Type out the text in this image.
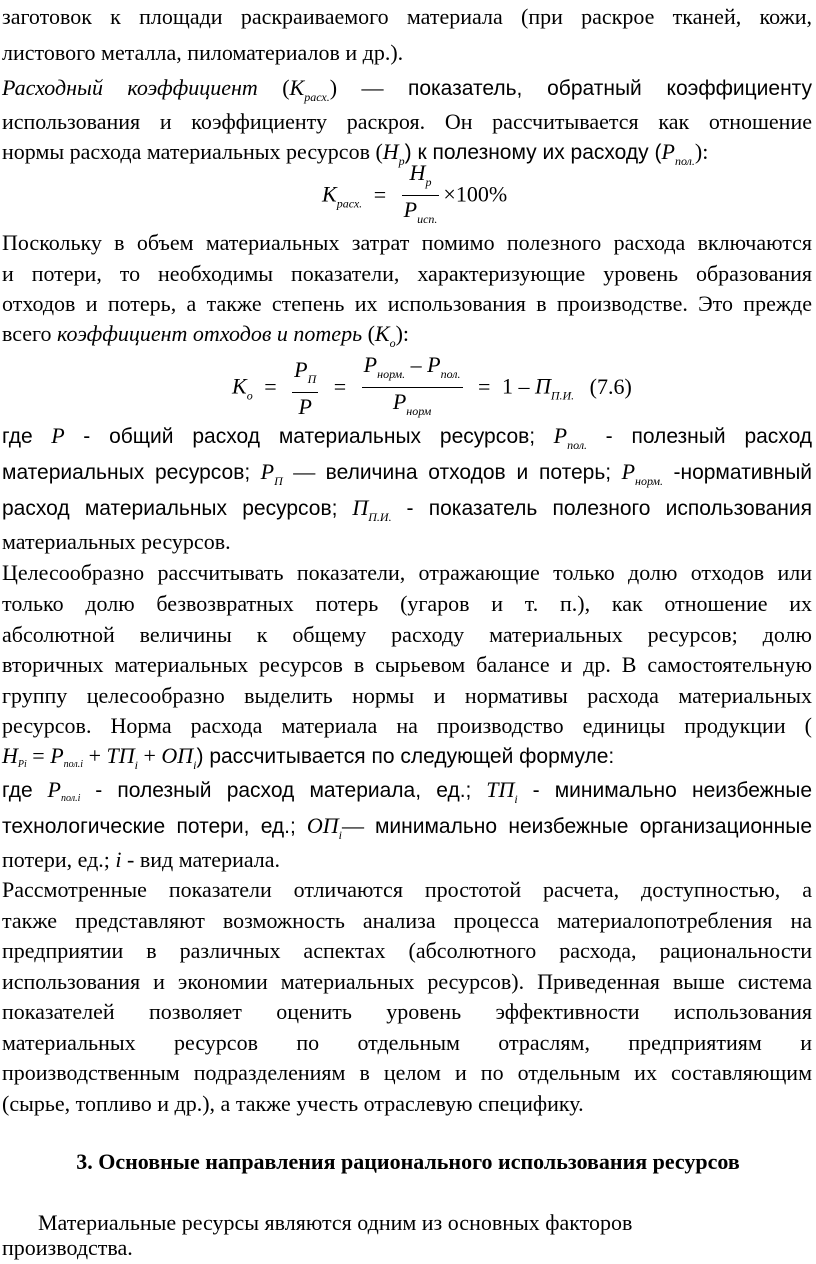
заготовок к площади раскраиваемого материала (при раскрое тканей, кожи,
листового металла, пиломатериалов и др.).
Расходный коэффициент $(K_{расх.})$ — показатель, обратный коэффициенту
использования и коэффициенту раскроя. Он рассчитывается как отношение
нормы расхода материальных ресурсов $(H_p)$ к полезному их расходу $(P_{пол.})$:
$K_{расх.} = \frac{H_p}{P_{исп.}} \times 100\%$
Поскольку в объем материальных затрат помимо полезного расхода включаются
и потери, то необходимы показатели, характеризующие уровень образования
отходов и потерь, а также степень их использования в производстве. Это прежде
всего коэффициент отходов и потерь $(K_o)$:
$K_o = \frac{P_П}{P} = \frac{P_{норм.} - P_{пол.}}{P_{норм}} = 1 - П_{П.И.}$ (7.6)
где P - общий расход материальных ресурсов; $P_{пол.}$ - полезный расход
материальных ресурсов; $P_П$ — величина отходов и потерь; $P_{норм.}$ -нормативный
расход материальных ресурсов; $П_{П.И.}$ - показатель полезного использования
материальных ресурсов.
Целесообразно рассчитывать показатели, отражающие только долю отходов или
только долю безвозвратных потерь (угаров и т. п.), как отношение их
абсолютной величины к общему расходу материальных ресурсов; долю
вторичных материальных ресурсов в сырьевом балансе и др. В самостоятельную
группу целесообразно выделить нормы и нормативы расхода материальных
ресурсов. Норма расхода материала на производство единицы продукции (
HPi = Pпол.i + $ТП_i + ОП_i$) рассчитывается по следующей формуле:
где Pпол.i - полезный расход материала, ед.; $ТП_i$ - минимально неизбежные
технологические потери, ед.; $ОП_i—$ минимально неизбежные организационные
потери, ед.; i - вид материала.
Рассмотренные показатели отличаются простотой расчета, доступностью, а
также представляют возможность анализа процесса материалопотребления на
предприятии в различных аспектах (абсолютного расхода, рациональности
использования и экономии материальных ресурсов). Приведенная выше система
показателей позволяет оценить уровень эффективности использования
материальных ресурсов по отдельным отраслям, предприятиям и
производственным подразделениям в целом и по отдельным их составляющим
(сырье, топливо и др.), а также учесть отраслевую специфику.
3. Основные направления рационального использования ресурсов
Материальные ресурсы являются одним из основных факторов
производства.
